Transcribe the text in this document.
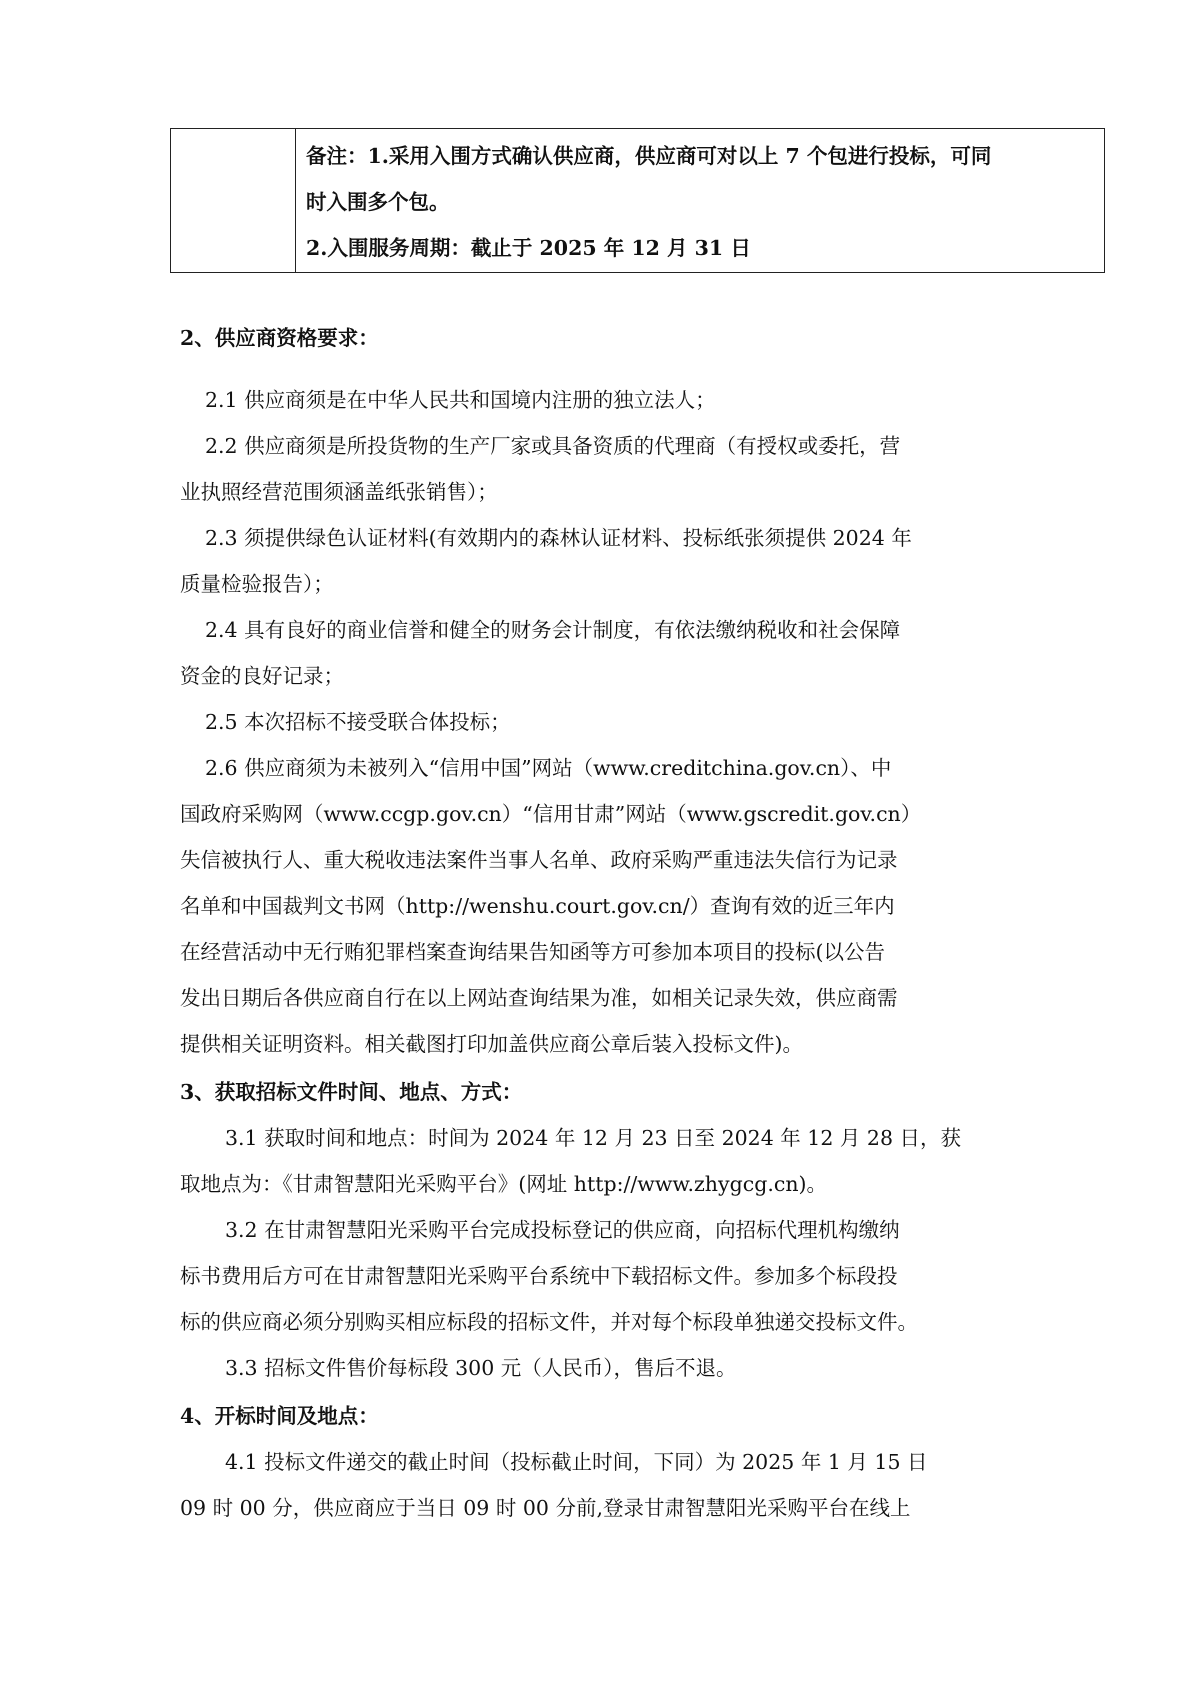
备注：1.采用入围方式确认供应商，供应商可对以上 7 个包进行投标，可同
时入围多个包。
2.入围服务周期：截止于 2025 年 12 月 31 日
2、供应商资格要求：
2.1 供应商须是在中华人民共和国境内注册的独立法人；
2.2 供应商须是所投货物的生产厂家或具备资质的代理商（有授权或委托，营
业执照经营范围须涵盖纸张销售）；
2.3 须提供绿色认证材料(有效期内的森林认证材料、投标纸张须提供 2024 年
质量检验报告）；
2.4 具有良好的商业信誉和健全的财务会计制度，有依法缴纳税收和社会保障
资金的良好记录；
2.5 本次招标不接受联合体投标；
2.6 供应商须为未被列入“信用中国”网站（www.creditchina.gov.cn）、中
国政府采购网（www.ccgp.gov.cn）“信用甘肃”网站（www.gscredit.gov.cn）
失信被执行人、重大税收违法案件当事人名单、政府采购严重违法失信行为记录
名单和中国裁判文书网（http://wenshu.court.gov.cn/）查询有效的近三年内
在经营活动中无行贿犯罪档案查询结果告知函等方可参加本项目的投标(以公告
发出日期后各供应商自行在以上网站查询结果为准，如相关记录失效，供应商需
提供相关证明资料。相关截图打印加盖供应商公章后装入投标文件)。
3、获取招标文件时间、地点、方式：
3.1 获取时间和地点：时间为 2024 年 12 月 23 日至 2024 年 12 月 28 日，获
取地点为：《甘肃智慧阳光采购平台》(网址 http://www.zhygcg.cn)。
3.2 在甘肃智慧阳光采购平台完成投标登记的供应商，向招标代理机构缴纳
标书费用后方可在甘肃智慧阳光采购平台系统中下载招标文件。参加多个标段投
标的供应商必须分别购买相应标段的招标文件，并对每个标段单独递交投标文件。
3.3 招标文件售价每标段 300 元（人民币），售后不退。
4、开标时间及地点：
4.1 投标文件递交的截止时间（投标截止时间，下同）为 2025 年 1 月 15 日
09 时 00 分，供应商应于当日 09 时 00 分前,登录甘肃智慧阳光采购平台在线上
